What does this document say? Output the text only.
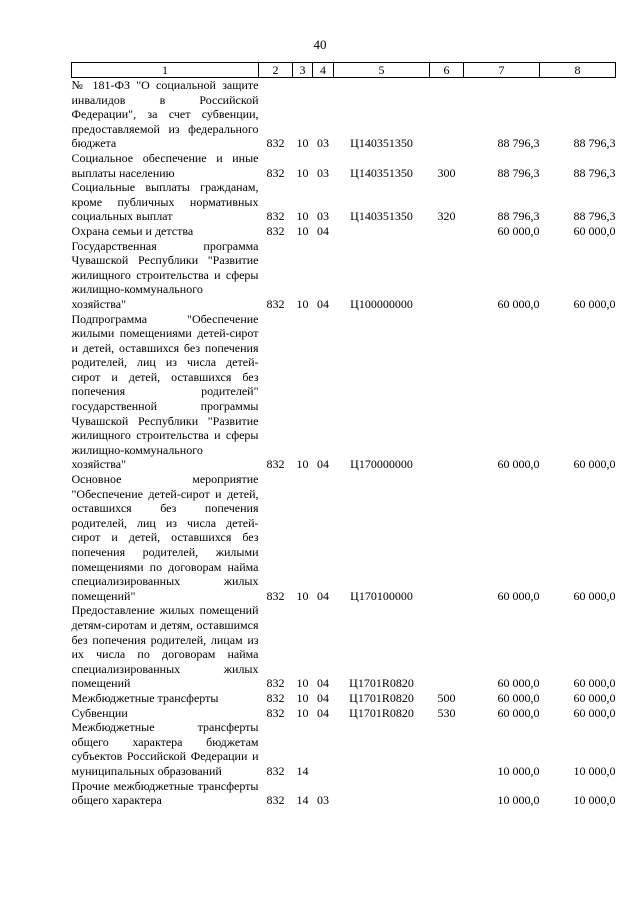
40
1	2	3	4	5	6	7	8
№ 181-ФЗ "О социальной защите инвалидов в Российской Федерации", за счет субвенции, предоставляемой из федерального бюджета	832	10	03	Ц140351350		88 796,3	88 796,3
Социальное обеспечение и иные выплаты населению	832	10	03	Ц140351350	300	88 796,3	88 796,3
Социальные выплаты гражданам, кроме публичных нормативных социальных выплат	832	10	03	Ц140351350	320	88 796,3	88 796,3
Охрана семьи и детства	832	10	04			60 000,0	60 000,0
Государственная программа Чувашской Республики "Развитие жилищного строительства и сферы жилищно-коммунального хозяйства"	832	10	04	Ц100000000		60 000,0	60 000,0
Подпрограмма "Обеспечение жилыми помещениями детей-сирот и детей, оставшихся без попечения родителей, лиц из числа детей-сирот и детей, оставшихся без попечения родителей" государственной программы Чувашской Республики "Развитие жилищного строительства и сферы жилищно-коммунального хозяйства"	832	10	04	Ц170000000		60 000,0	60 000,0
Основное мероприятие "Обеспечение детей-сирот и детей, оставшихся без попечения родителей, лиц из числа детей-сирот и детей, оставшихся без попечения родителей, жилыми помещениями по договорам найма специализированных жилых помещений"	832	10	04	Ц170100000		60 000,0	60 000,0
Предоставление жилых помещений детям-сиротам и детям, оставшимся без попечения родителей, лицам из их числа по договорам найма специализированных жилых помещений	832	10	04	Ц1701R0820		60 000,0	60 000,0
Межбюджетные трансферты	832	10	04	Ц1701R0820	500	60 000,0	60 000,0
Субвенции	832	10	04	Ц1701R0820	530	60 000,0	60 000,0
Межбюджетные трансферты общего характера бюджетам субъектов Российской Федерации и муниципальных образований	832	14				10 000,0	10 000,0
Прочие межбюджетные трансферты общего характера	832	14	03			10 000,0	10 000,0
